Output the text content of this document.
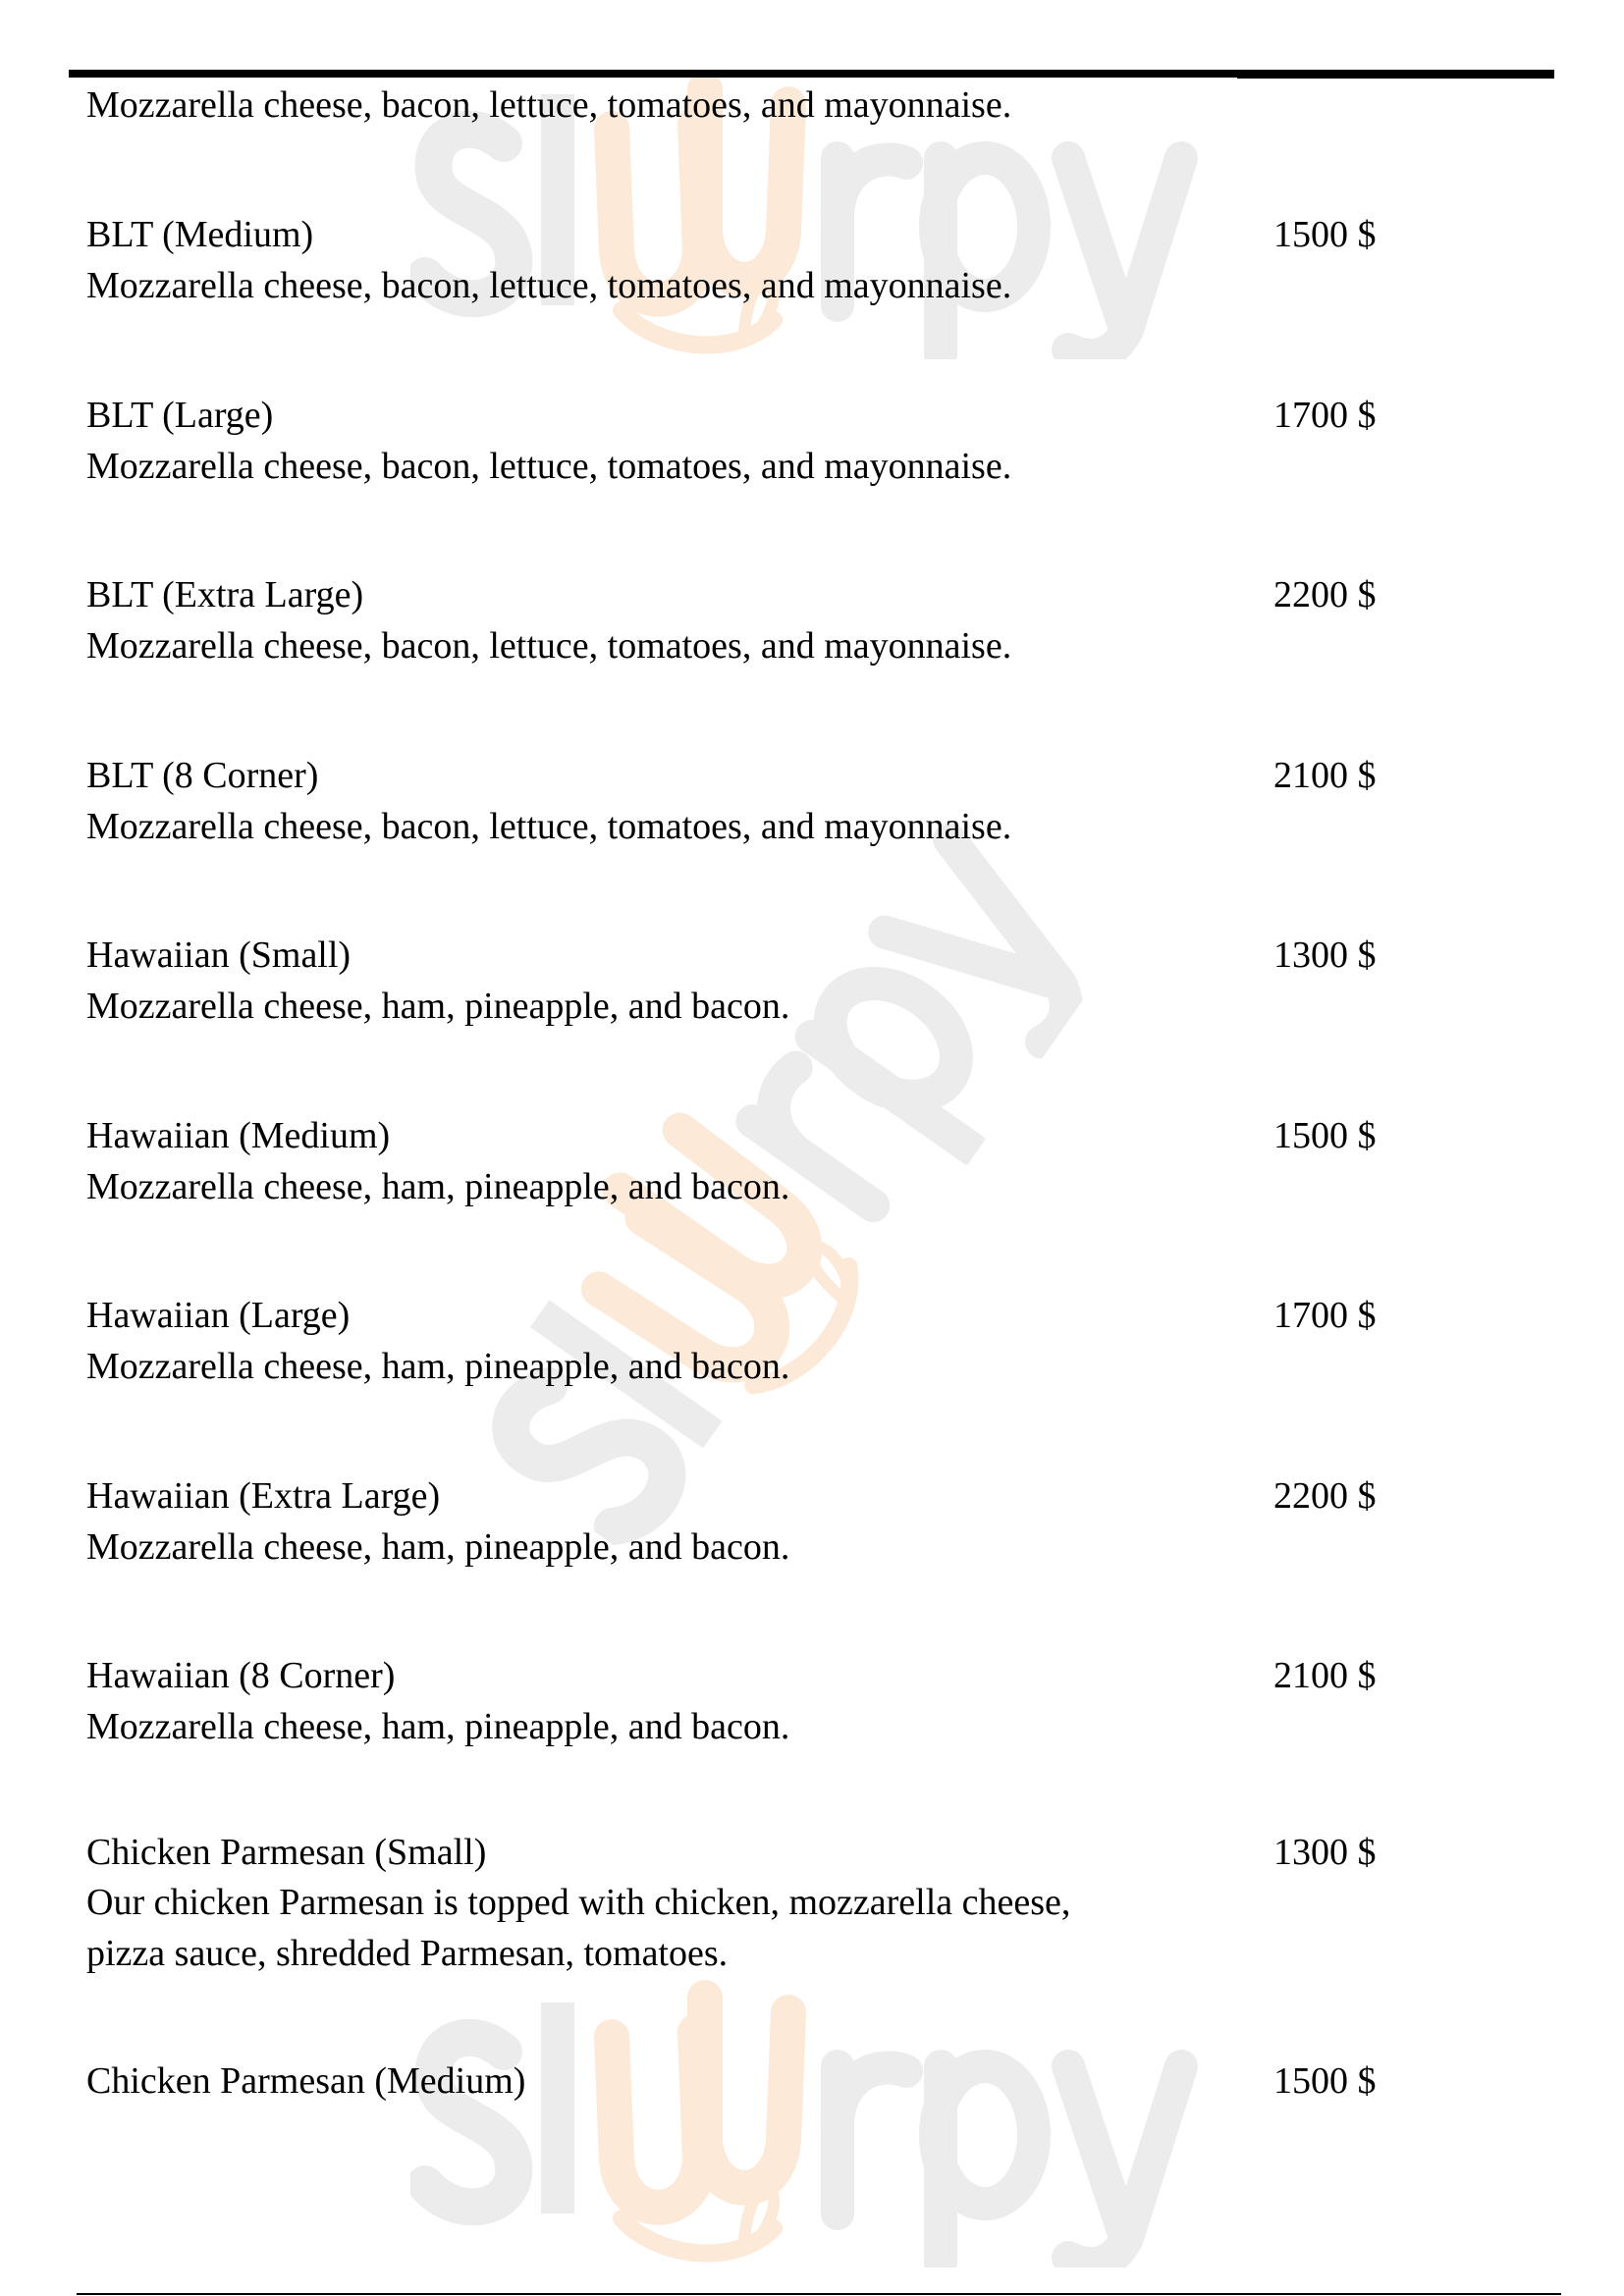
Mozzarella cheese, bacon, lettuce, tomatoes, and mayonnaise.
BLT (Medium)	1500 $
Mozzarella cheese, bacon, lettuce, tomatoes, and mayonnaise.
BLT (Large)	1700 $
Mozzarella cheese, bacon, lettuce, tomatoes, and mayonnaise.
BLT (Extra Large)	2200 $
Mozzarella cheese, bacon, lettuce, tomatoes, and mayonnaise.
BLT (8 Corner)	2100 $
Mozzarella cheese, bacon, lettuce, tomatoes, and mayonnaise.
Hawaiian (Small)	1300 $
Mozzarella cheese, ham, pineapple, and bacon.
Hawaiian (Medium)	1500 $
Mozzarella cheese, ham, pineapple, and bacon.
Hawaiian (Large)	1700 $
Mozzarella cheese, ham, pineapple, and bacon.
Hawaiian (Extra Large)	2200 $
Mozzarella cheese, ham, pineapple, and bacon.
Hawaiian (8 Corner)	2100 $
Mozzarella cheese, ham, pineapple, and bacon.
Chicken Parmesan (Small)	1300 $
Our chicken Parmesan is topped with chicken, mozzarella cheese,
pizza sauce, shredded Parmesan, tomatoes.
Chicken Parmesan (Medium)	1500 $
